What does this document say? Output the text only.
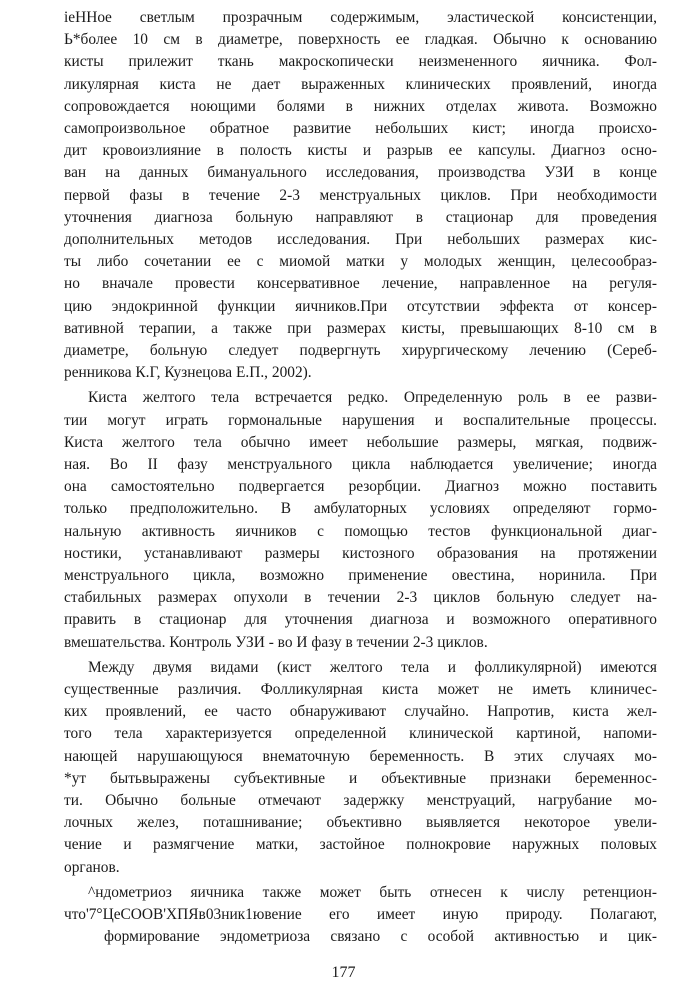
ieHHoe светлым прозрачным содержимым, эластической консистенции,
Ь*более 10 см в диаметре, поверхность ее гладкая. Обычно к основанию
кисты прилежит ткань макроскопически неизмененного яичника. Фол-
ликулярная киста не дает выраженных клинических проявлений, иногда
сопровождается ноющими болями в нижних отделах живота. Возможно
самопроизвольное обратное развитие небольших кист; иногда происхо-
дит кровоизлияние в полость кисты и разрыв ее капсулы. Диагноз осно-
ван на данных бимануального исследования, производства УЗИ в конце
первой фазы в течение 2-3 менструальных циклов. При необходимости
уточнения диагноза больную направляют в стационар для проведения
дополнительных методов исследования. При небольших размерах кис-
ты либо сочетании ее с миомой матки у молодых женщин, целесообраз-
но вначале провести консервативное лечение, направленное на регуля-
цию эндокринной функции яичников.При отсутствии эффекта от консер-
вативной терапии, а также при размерах кисты, превышающих 8-10 см в
диаметре, больную следует подвергнуть хирургическому лечению (Сереб-
ренникова К.Г, Кузнецова Е.П., 2002).
Киста желтого тела встречается редко. Определенную роль в ее разви-
тии могут играть гормональные нарушения и воспалительные процессы.
Киста желтого тела обычно имеет небольшие размеры, мягкая, подвиж-
ная. Во II фазу менструального цикла наблюдается увеличение; иногда
она самостоятельно подвергается резорбции. Диагноз можно поставить
только предположительно. В амбулаторных условиях определяют гормо-
нальную активность яичников с помощью тестов функциональной диаг-
ностики, устанавливают размеры кистозного образования на протяжении
менструального цикла, возможно применение овестина, норинила. При
стабильных размерах опухоли в течении 2-3 циклов больную следует на-
править в стационар для уточнения диагноза и возможного оперативного
вмешательства. Контроль УЗИ - во И фазу в течении 2-3 циклов.
Между двумя видами (кист желтого тела и фолликулярной) имеются
существенные различия. Фолликулярная киста может не иметь клиничес-
ких проявлений, ее часто обнаруживают случайно. Напротив, киста жел-
того тела характеризуется определенной клинической картиной, напоми-
нающей нарушающуюся внематочную беременность. В этих случаях мо-
*ут бытьвыражены субъективные и объективные признаки беременнос-
ти. Обычно больные отмечают задержку менструаций, нагрубание мо-
лочных желез, поташнивание; объективно выявляется некоторое увели-
чение и размягчение матки, застойное полнокровие наружных половых
органов.
^ндометриоз яичника также может быть отнесен к числу ретенцион-
что'7°ЦеСООВ'ХПЯв03ник1ювение его имеет иную природу. Полагают,
формирование эндометриоза связано с особой активностью и цик-
177
